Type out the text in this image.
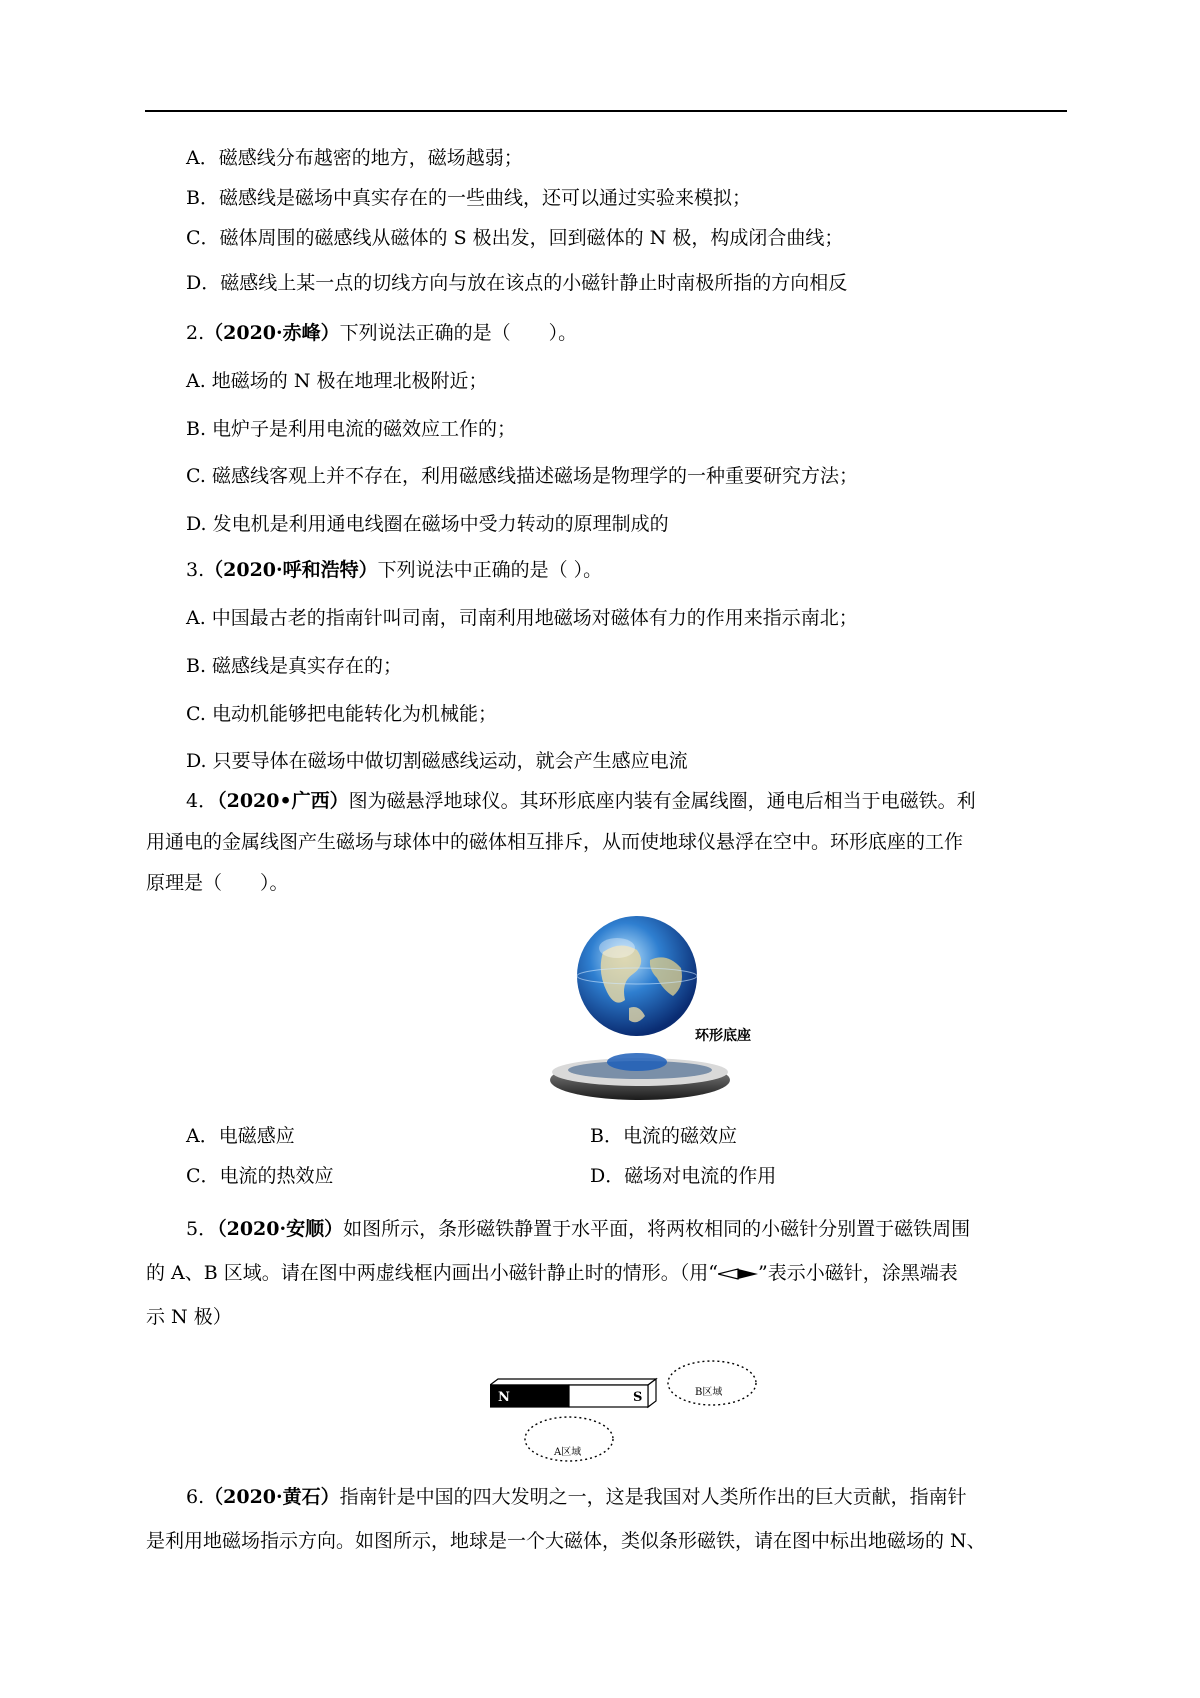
A．磁感线分布越密的地方，磁场越弱；
B．磁感线是磁场中真实存在的一些曲线，还可以通过实验来模拟；
C．磁体周围的磁感线从磁体的 S 极出发，回到磁体的 N 极，构成闭合曲线；
D．磁感线上某一点的切线方向与放在该点的小磁针静止时南极所指的方向相反
2.（2020·赤峰）下列说法正确的是（　　）。
A. 地磁场的 N 极在地理北极附近；
B. 电炉子是利用电流的磁效应工作的；
C. 磁感线客观上并不存在，利用磁感线描述磁场是物理学的一种重要研究方法；
D. 发电机是利用通电线圈在磁场中受力转动的原理制成的
3.（2020·呼和浩特）下列说法中正确的是（ ）。
A. 中国最古老的指南针叫司南，司南利用地磁场对磁体有力的作用来指示南北；
B. 磁感线是真实存在的；
C. 电动机能够把电能转化为机械能；
D. 只要导体在磁场中做切割磁感线运动，就会产生感应电流
4．（2020•广西）图为磁悬浮地球仪。其环形底座内装有金属线圈，通电后相当于电磁铁。利
用通电的金属线图产生磁场与球体中的磁体相互排斥，从而使地球仪悬浮在空中。环形底座的工作
原理是（　　）。
环形底座
A．电磁感应	B．电流的磁效应
C．电流的热效应	D．磁场对电流的作用
5．（2020·安顺）如图所示，条形磁铁静置于水平面，将两枚相同的小磁针分别置于磁铁周围
的 A、B 区域。请在图中两虚线框内画出小磁针静止时的情形。（用“ ”表示小磁针，涂黑端表
示 N 极）
N	S	B区域
A区域
6.（2020·黄石）指南针是中国的四大发明之一，这是我国对人类所作出的巨大贡献，指南针
是利用地磁场指示方向。如图所示，地球是一个大磁体，类似条形磁铁，请在图中标出地磁场的 N、
